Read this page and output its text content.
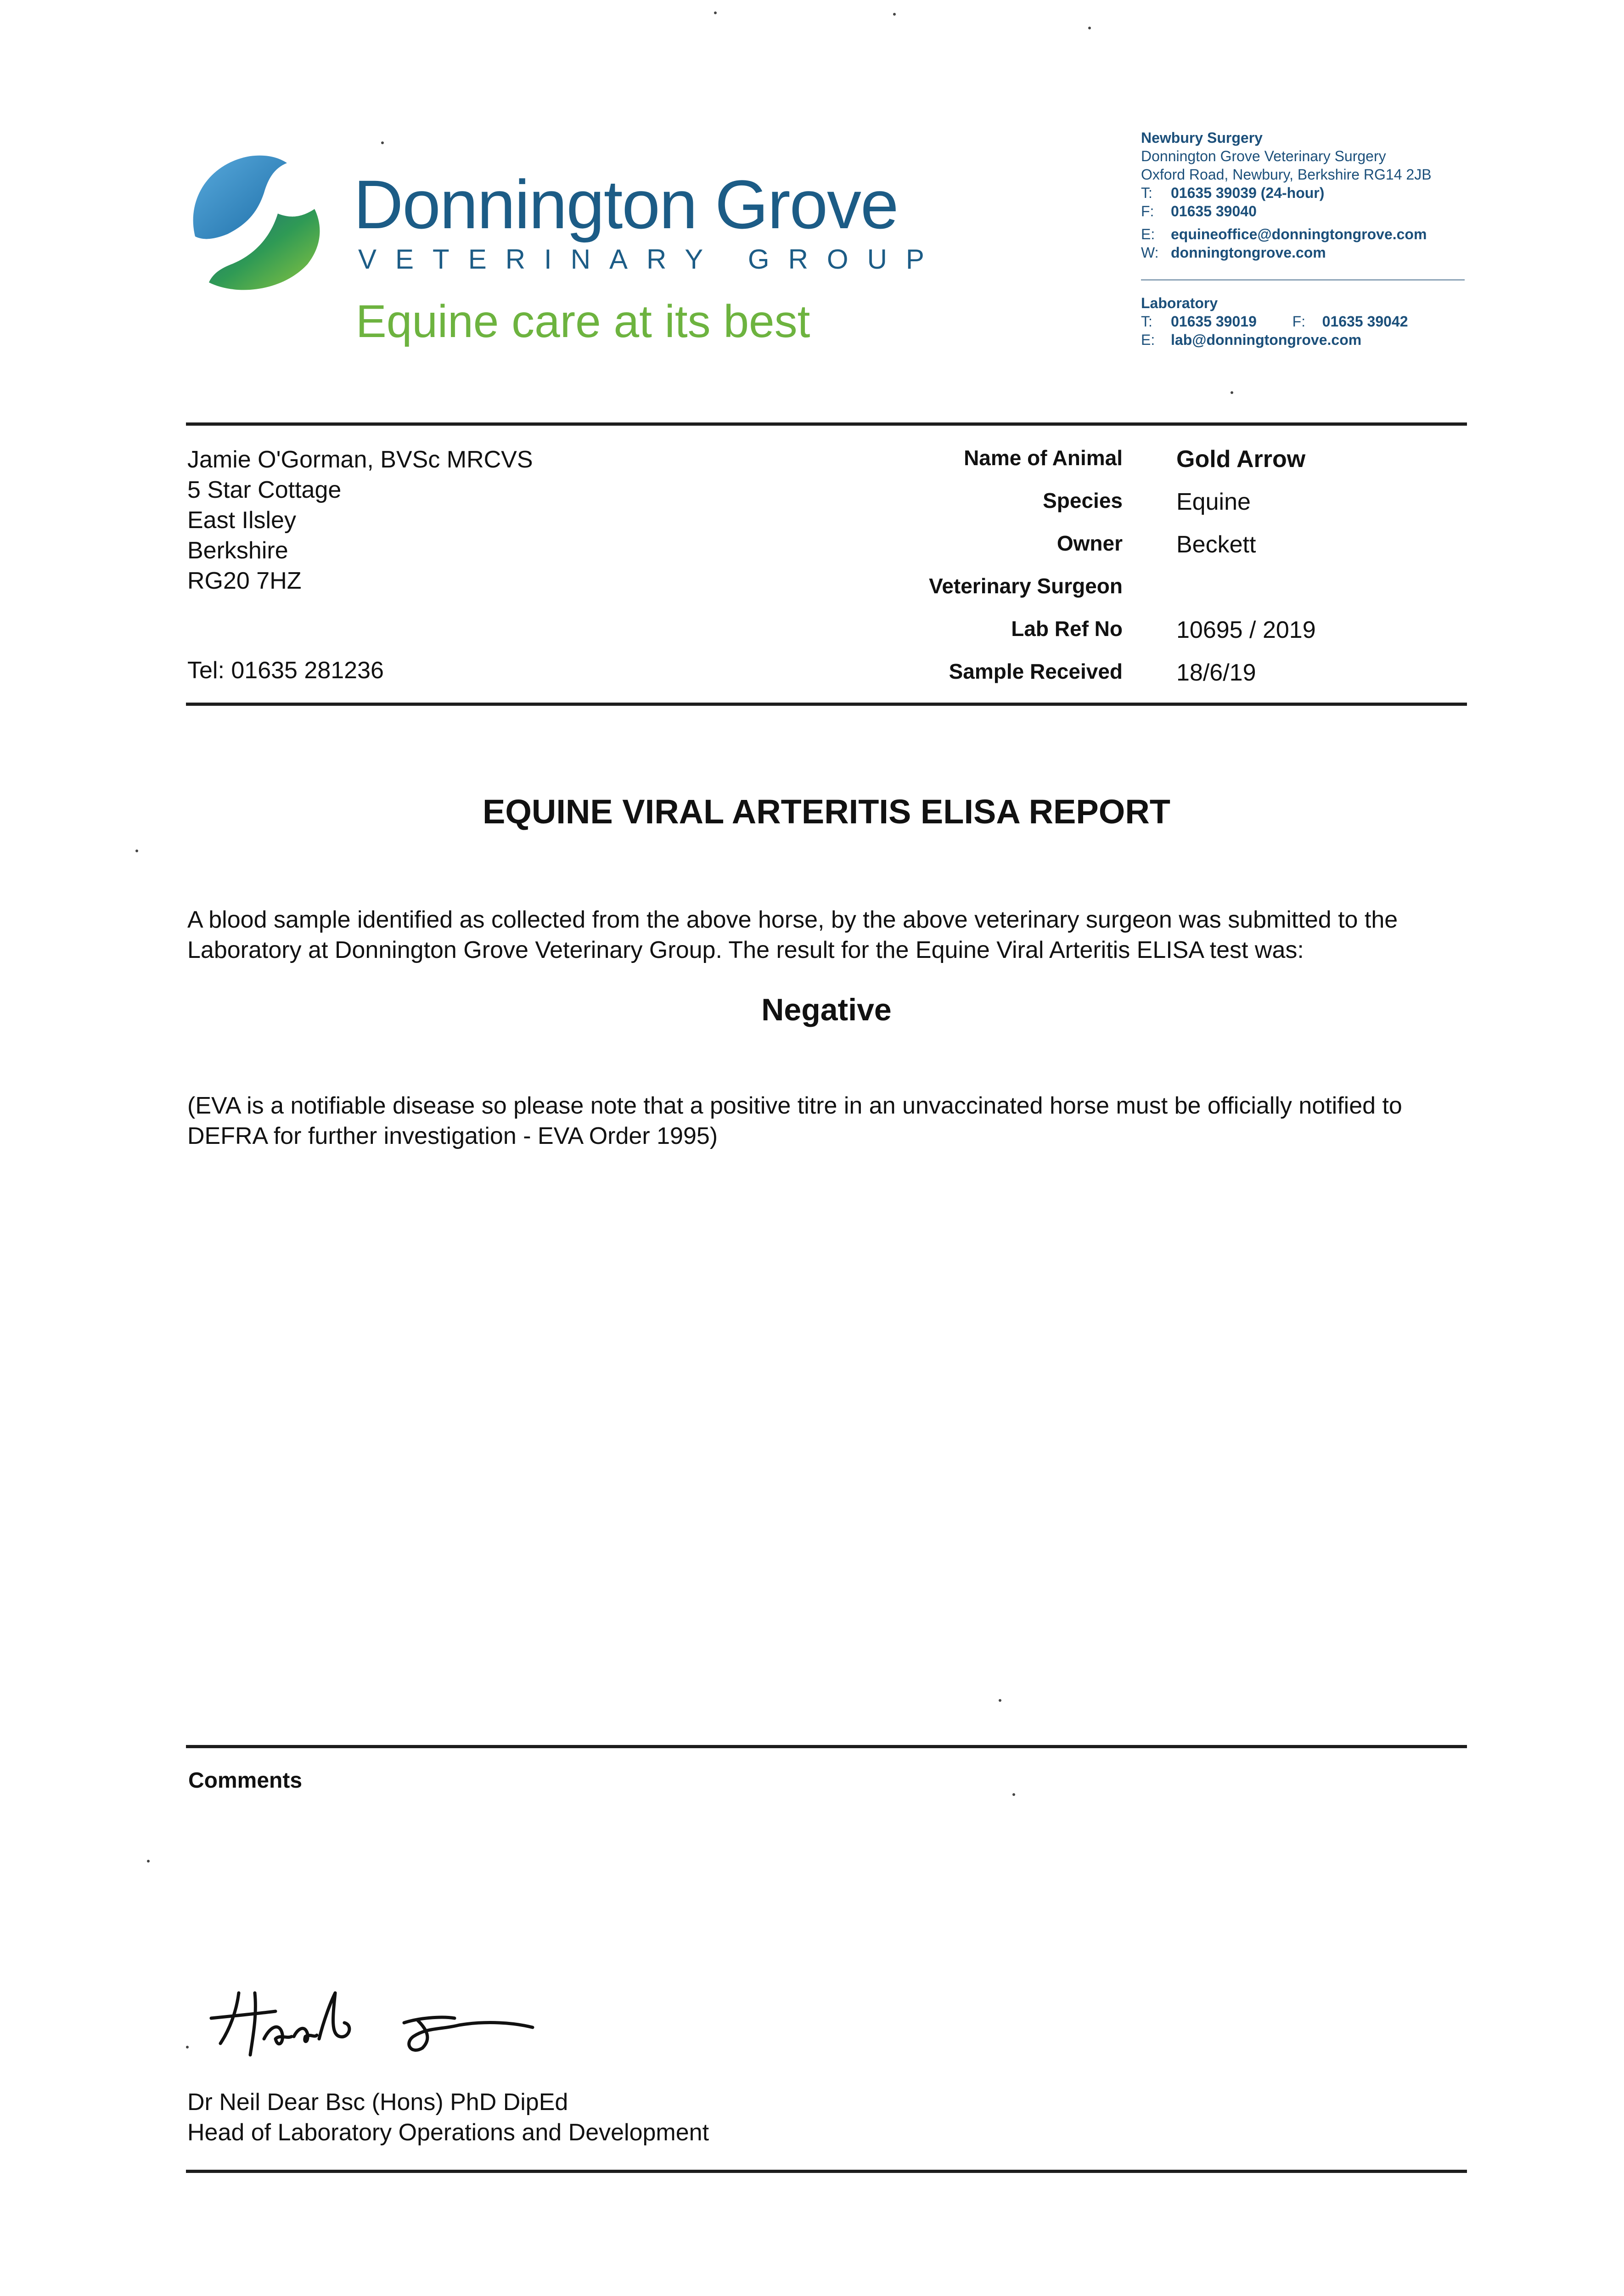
Donnington Grove
VETERINARY GROUP
Equine care at its best
Newbury Surgery
Donnington Grove Veterinary Surgery
Oxford Road, Newbury, Berkshire RG14 2JB
T: 01635 39039 (24-hour)
F: 01635 39040
E: equineoffice@donningtongrove.com
W: donningtongrove.com
Laboratory
T: 01635 39019 F: 01635 39042
E: lab@donningtongrove.com
Jamie O'Gorman, BVSc MRCVS
5 Star Cottage
East Ilsley
Berkshire
RG20 7HZ
Tel: 01635 281236
Name of Animal Gold Arrow
Species Equine
Owner Beckett
Veterinary Surgeon
Lab Ref No 10695 / 2019
Sample Received 18/6/19
EQUINE VIRAL ARTERITIS ELISA REPORT
A blood sample identified as collected from the above horse, by the above veterinary surgeon was submitted to the Laboratory at Donnington Grove Veterinary Group. The result for the Equine Viral Arteritis ELISA test was:
Negative
(EVA is a notifiable disease so please note that a positive titre in an unvaccinated horse must be officially notified to DEFRA for further investigation - EVA Order 1995)
Comments
Dr Neil Dear Bsc (Hons) PhD DipEd
Head of Laboratory Operations and Development
